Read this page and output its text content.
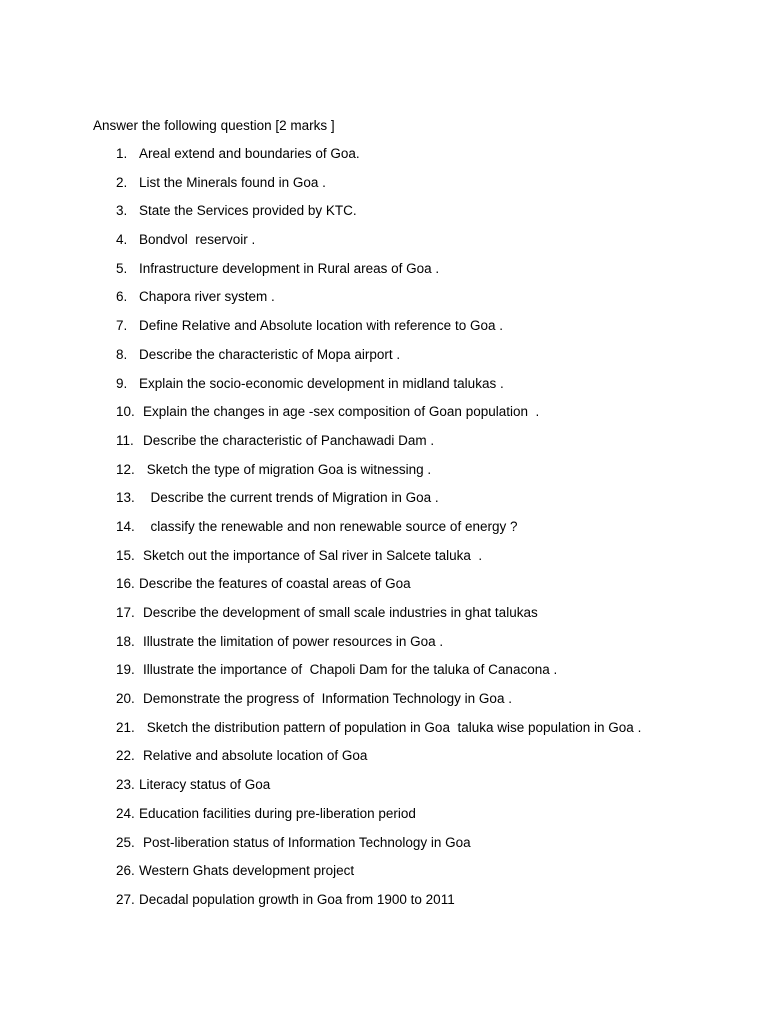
Answer the following question [2 marks ]
1. Areal extend and boundaries of Goa.
2. List the Minerals found in Goa .
3. State the Services provided by KTC.
4. Bondvol  reservoir .
5. Infrastructure development in Rural areas of Goa .
6. Chapora river system .
7. Define Relative and Absolute location with reference to Goa .
8. Describe the characteristic of Mopa airport .
9. Explain the socio-economic development in midland talukas .
10. Explain the changes in age -sex composition of Goan population  .
11. Describe the characteristic of Panchawadi Dam .
12. Sketch the type of migration Goa is witnessing .
13. Describe the current trends of Migration in Goa .
14. classify the renewable and non renewable source of energy ?
15. Sketch out the importance of Sal river in Salcete taluka  .
16. Describe the features of coastal areas of Goa
17. Describe the development of small scale industries in ghat talukas
18. Illustrate the limitation of power resources in Goa .
19. Illustrate the importance of  Chapoli Dam for the taluka of Canacona .
20. Demonstrate the progress of  Information Technology in Goa .
21. Sketch the distribution pattern of population in Goa  taluka wise population in Goa .
22. Relative and absolute location of Goa
23. Literacy status of Goa
24. Education facilities during pre-liberation period
25. Post-liberation status of Information Technology in Goa
26. Western Ghats development project
27. Decadal population growth in Goa from 1900 to 2011
